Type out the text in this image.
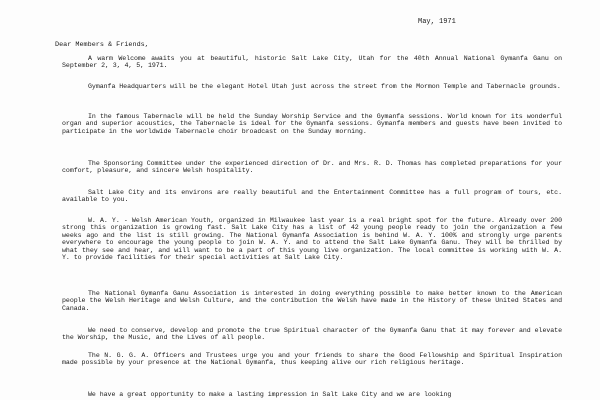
May, 1971
Dear Members & Friends,

A warm Welcome awaits you at beautiful, historic Salt Lake City, Utah for the 40th Annual National Gymanfa Ganu on September 2, 3, 4, 5, 1971.

Gymanfa Headquarters will be the elegant Hotel Utah just across the street from the Mormon Temple and Tabernacle grounds.

In the famous Tabernacle will be held the Sunday Worship Service and the Gymanfa sessions. World known for its wonderful organ and superior acoustics, the Tabernacle is ideal for the Gymanfa sessions. Gymanfa members and guests have been invited to participate in the worldwide Tabernacle choir broadcast on the Sunday morning.

The Sponsoring Committee under the experienced direction of Dr. and Mrs. R. D. Thomas has completed preparations for your comfort, pleasure, and sincere Welsh hospitality.

Salt Lake City and its environs are really beautiful and the Entertainment Committee has a full program of tours, etc. available to you.

W. A. Y. - Welsh American Youth, organized in Milwaukee last year is a real bright spot for the future. Already over 200 strong this organization is growing fast. Salt Lake City has a list of 42 young people ready to join the organization a few weeks ago and the list is still growing. The National Gymanfa Association is behind W. A. Y. 100% and strongly urge parents everywhere to encourage the young people to join W. A. Y. and to attend the Salt Lake Gymanfa Ganu. They will be thrilled by what they see and hear, and will want to be a part of this young live organization. The local committee is working with W. A. Y. to provide facilities for their special activities at Salt Lake City.

The National Gymanfa Ganu Association is interested in doing everything possible to make better known to the American people the Welsh Heritage and Welsh Culture, and the contribution the Welsh have made in the History of these United States and Canada.

We need to conserve, develop and promote the true Spiritual character of the Gymanfa Ganu that it may forever and elevate the Worship, the Music, and the Lives of all people.

The N. G. G. A. Officers and Trustees urge you and your friends to share the Good Fellowship and Spiritual Inspiration made possible by your presence at the National Gymanfa, thus keeping alive our rich religious heritage.

We have a great opportunity to make a lasting impression in Salt Lake City and we are looking
